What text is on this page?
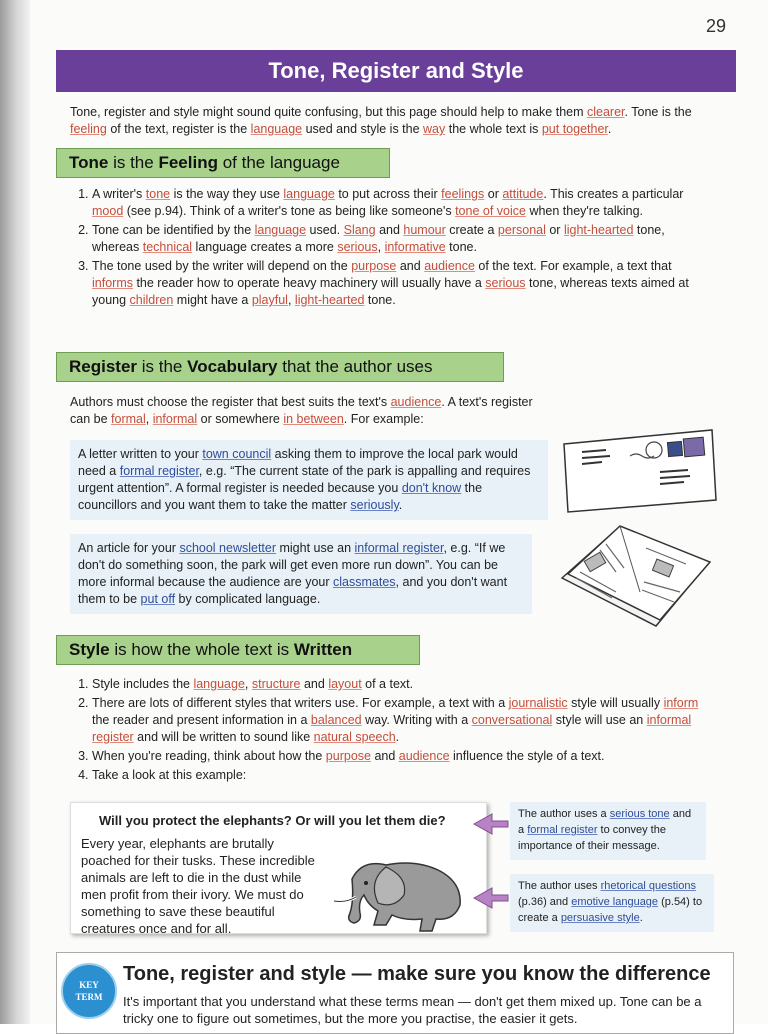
29
Tone, Register and Style
Tone, register and style might sound quite confusing, but this page should help to make them clearer. Tone is the feeling of the text, register is the language used and style is the way the whole text is put together.
Tone is the Feeling of the language
1. A writer's tone is the way they use language to put across their feelings or attitude. This creates a particular mood (see p.94). Think of a writer's tone as being like someone's tone of voice when they're talking.
2. Tone can be identified by the language used. Slang and humour create a personal or light-hearted tone, whereas technical language creates a more serious, informative tone.
3. The tone used by the writer will depend on the purpose and audience of the text. For example, a text that informs the reader how to operate heavy machinery will usually have a serious tone, whereas texts aimed at young children might have a playful, light-hearted tone.
Register is the Vocabulary that the author uses
Authors must choose the register that best suits the text's audience. A text's register can be formal, informal or somewhere in between. For example:
A letter written to your town council asking them to improve the local park would need a formal register, e.g. “The current state of the park is appalling and requires urgent attention”. A formal register is needed because you don't know the councillors and you want them to take the matter seriously.
An article for your school newsletter might use an informal register, e.g. “If we don't do something soon, the park will get even more run down”. You can be more informal because the audience are your classmates, and you don't want them to be put off by complicated language.
Style is how the whole text is Written
1. Style includes the language, structure and layout of a text.
2. There are lots of different styles that writers use. For example, a text with a journalistic style will usually inform the reader and present information in a balanced way. Writing with a conversational style will use an informal register and will be written to sound like natural speech.
3. When you're reading, think about how the purpose and audience influence the style of a text.
4. Take a look at this example:
Will you protect the elephants? Or will you let them die?
Every year, elephants are brutally poached for their tusks. These incredible animals are left to die in the dust while men profit from their ivory. We must do something to save these beautiful creatures once and for all.
The author uses a serious tone and a formal register to convey the importance of their message.
The author uses rhetorical questions (p.36) and emotive language (p.54) to create a persuasive style.
KEY
TERM
Tone, register and style — make sure you know the difference
It's important that you understand what these terms mean — don't get them mixed up. Tone can be a tricky one to figure out sometimes, but the more you practise, the easier it gets.
